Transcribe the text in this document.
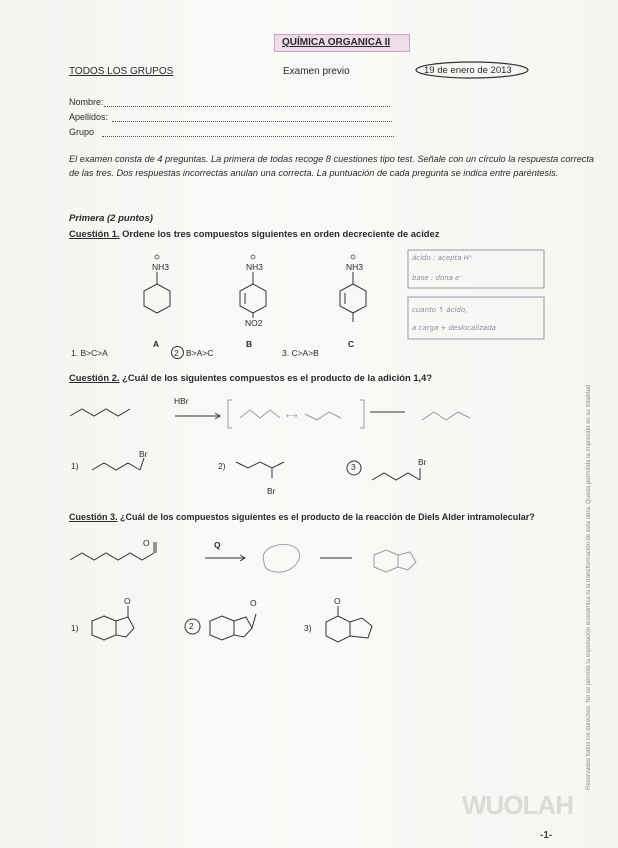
QUÍMICA ORGANICA II
TODOS LOS GRUPOS	Examen previo	19 de enero de 2013
Nombre:
Apellidos:
Grupo
El examen consta de 4 preguntas. La primera de todas recoge 8 cuestiones tipo test. Señale con un círculo la respuesta correcta de las tres. Dos respuestas incorrectas anulan una correcta. La puntuación de cada pregunta se indica entre paréntesis.
Primera (2 puntos)
Cuestión 1. Ordene los tres compuestos siguientes en orden decreciente de acidez
NH3	NH3	NH3
NO2
A	B	C
1. B>C>A	2 B>A>C	3. C>A>B
ácido : acepta H⁺
base : dona e⁻
cuanto ↑ ácido,
a carga + deslocalizada
Cuestión 2. ¿Cuál de los siguientes compuestos es el producto de la adición 1,4?
⟷
HBr
1)
Br
2)
Br
3	Br
Cuestión 3. ¿Cuál de los compuestos siguientes es el producto de la reacción de Diels Alder intramolecular?
O	Q
1)
O
2
O
3)
O	Reservados todos los derechos. No se permite la explotación económica ni la transformación de esta obra. Queda permitida la impresión en su totalidad.
WUOLAH
-1-
